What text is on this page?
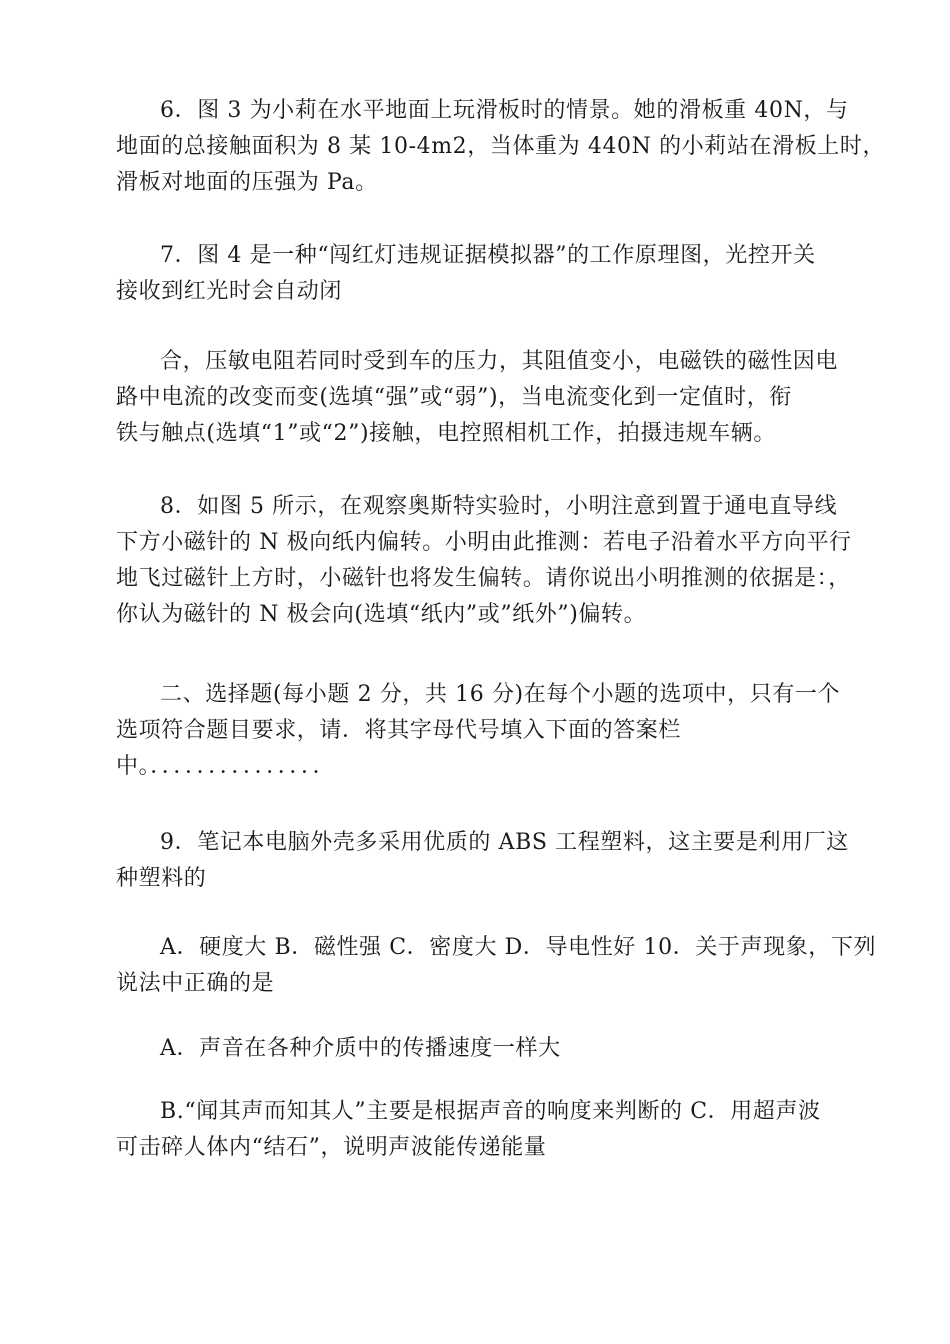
6．图 3 为小莉在水平地面上玩滑板时的情景。她的滑板重 40N，与
地面的总接触面积为 8 某 10-4m2，当体重为 440N 的小莉站在滑板上时，
滑板对地面的压强为 Pa。
7．图 4 是一种“闯红灯违规证据模拟器”的工作原理图，光控开关
接收到红光时会自动闭
合，压敏电阻若同时受到车的压力，其阻值变小，电磁铁的磁性因电
路中电流的改变而变(选填“强”或“弱”)，当电流变化到一定值时，衔
铁与触点(选填“1”或“2”)接触，电控照相机工作，拍摄违规车辆。
8．如图 5 所示，在观察奥斯特实验时，小明注意到置于通电直导线
下方小磁针的 N 极向纸内偏转。小明由此推测：若电子沿着水平方向平行
地飞过磁针上方时，小磁针也将发生偏转。请你说出小明推测的依据是：，
你认为磁针的 N 极会向(选填“纸内”或”纸外”)偏转。
二、选择题(每小题 2 分，共 16 分)在每个小题的选项中，只有一个
选项符合题目要求，请．将其字母代号填入下面的答案栏
中。．．．．．．．．．．．．．．．
9．笔记本电脑外壳多采用优质的 ABS 工程塑料，这主要是利用厂这
种塑料的
A．硬度大 B．磁性强 C．密度大 D．导电性好 10．关于声现象，下列
说法中正确的是
A．声音在各种介质中的传播速度一样大
B.“闻其声而知其人”主要是根据声音的响度来判断的 C．用超声波
可击碎人体内“结石”，说明声波能传递能量
